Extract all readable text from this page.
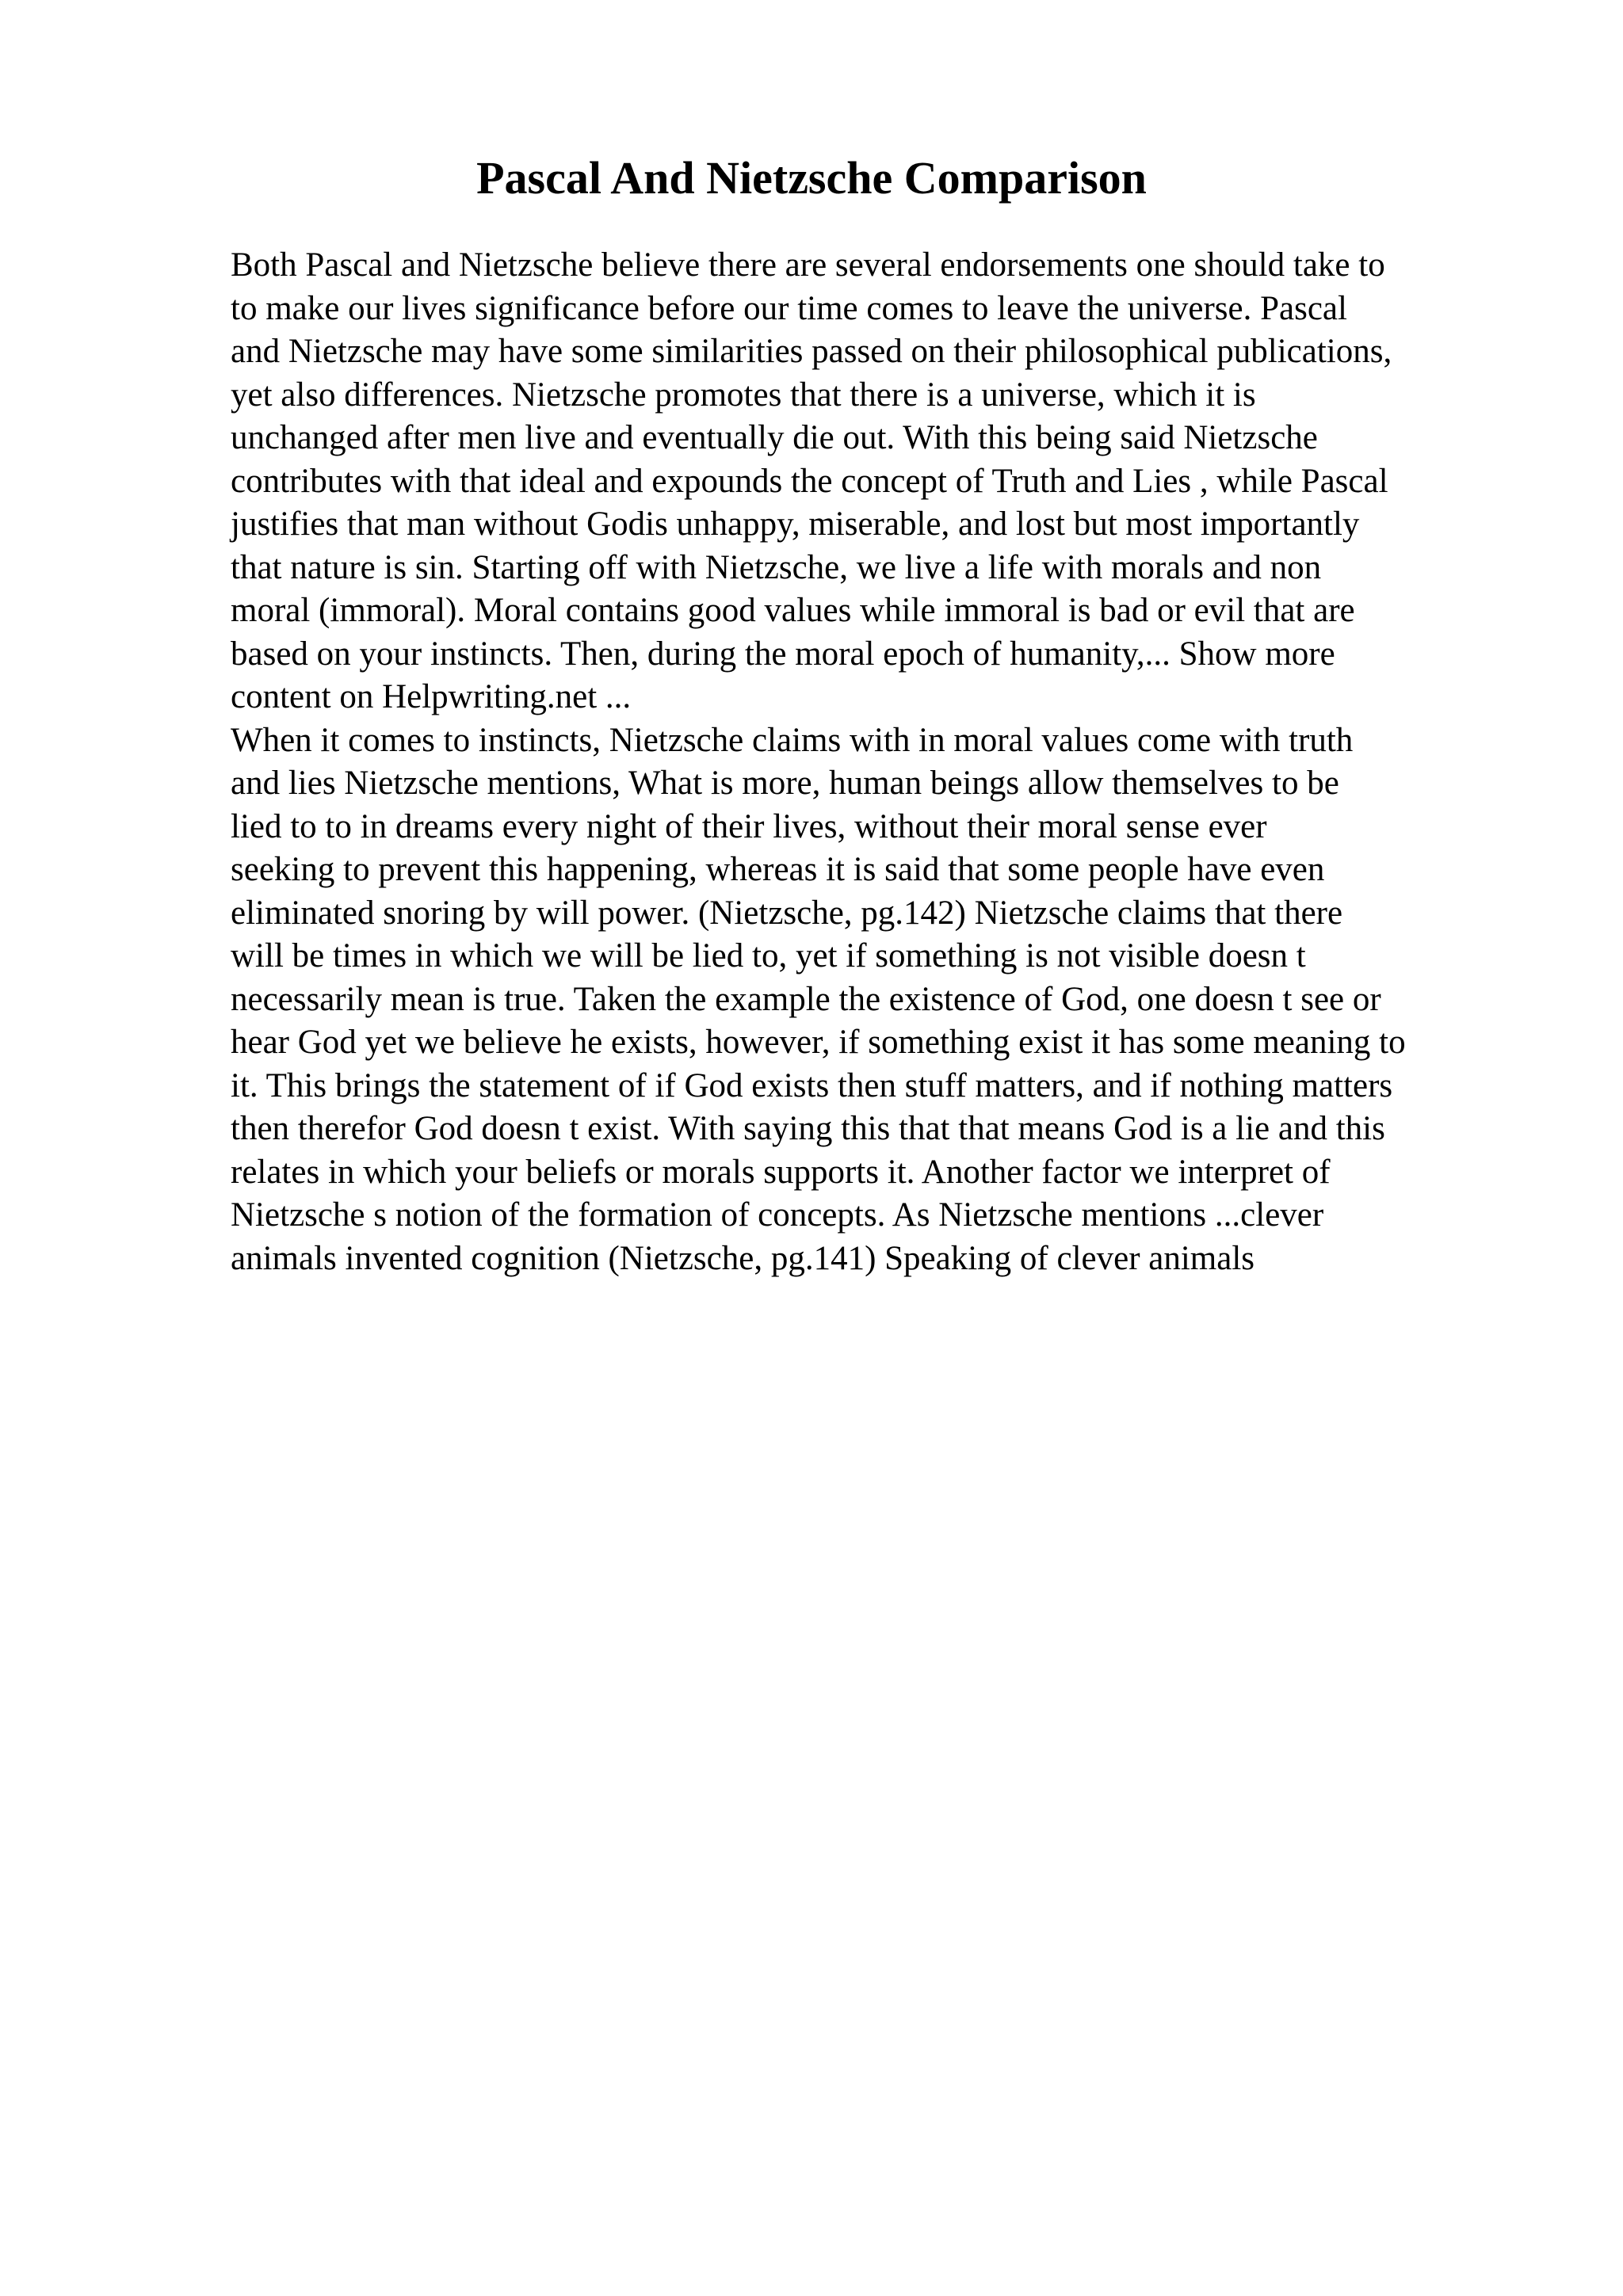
Pascal And Nietzsche Comparison
Both Pascal and Nietzsche believe there are several endorsements one should take to
to make our lives significance before our time comes to leave the universe. Pascal
and Nietzsche may have some similarities passed on their philosophical publications,
yet also differences. Nietzsche promotes that there is a universe, which it is
unchanged after men live and eventually die out. With this being said Nietzsche
contributes with that ideal and expounds the concept of Truth and Lies , while Pascal
justifies that man without Godis unhappy, miserable, and lost but most importantly
that nature is sin. Starting off with Nietzsche, we live a life with morals and non
moral (immoral). Moral contains good values while immoral is bad or evil that are
based on your instincts. Then, during the moral epoch of humanity,... Show more
content on Helpwriting.net ...
When it comes to instincts, Nietzsche claims with in moral values come with truth
and lies Nietzsche mentions, What is more, human beings allow themselves to be
lied to to in dreams every night of their lives, without their moral sense ever
seeking to prevent this happening, whereas it is said that some people have even
eliminated snoring by will power. (Nietzsche, pg.142) Nietzsche claims that there
will be times in which we will be lied to, yet if something is not visible doesn t
necessarily mean is true. Taken the example the existence of God, one doesn t see or
hear God yet we believe he exists, however, if something exist it has some meaning to
it. This brings the statement of if God exists then stuff matters, and if nothing matters
then therefor God doesn t exist. With saying this that that means God is a lie and this
relates in which your beliefs or morals supports it. Another factor we interpret of
Nietzsche s notion of the formation of concepts. As Nietzsche mentions ...clever
animals invented cognition (Nietzsche, pg.141) Speaking of clever animals
